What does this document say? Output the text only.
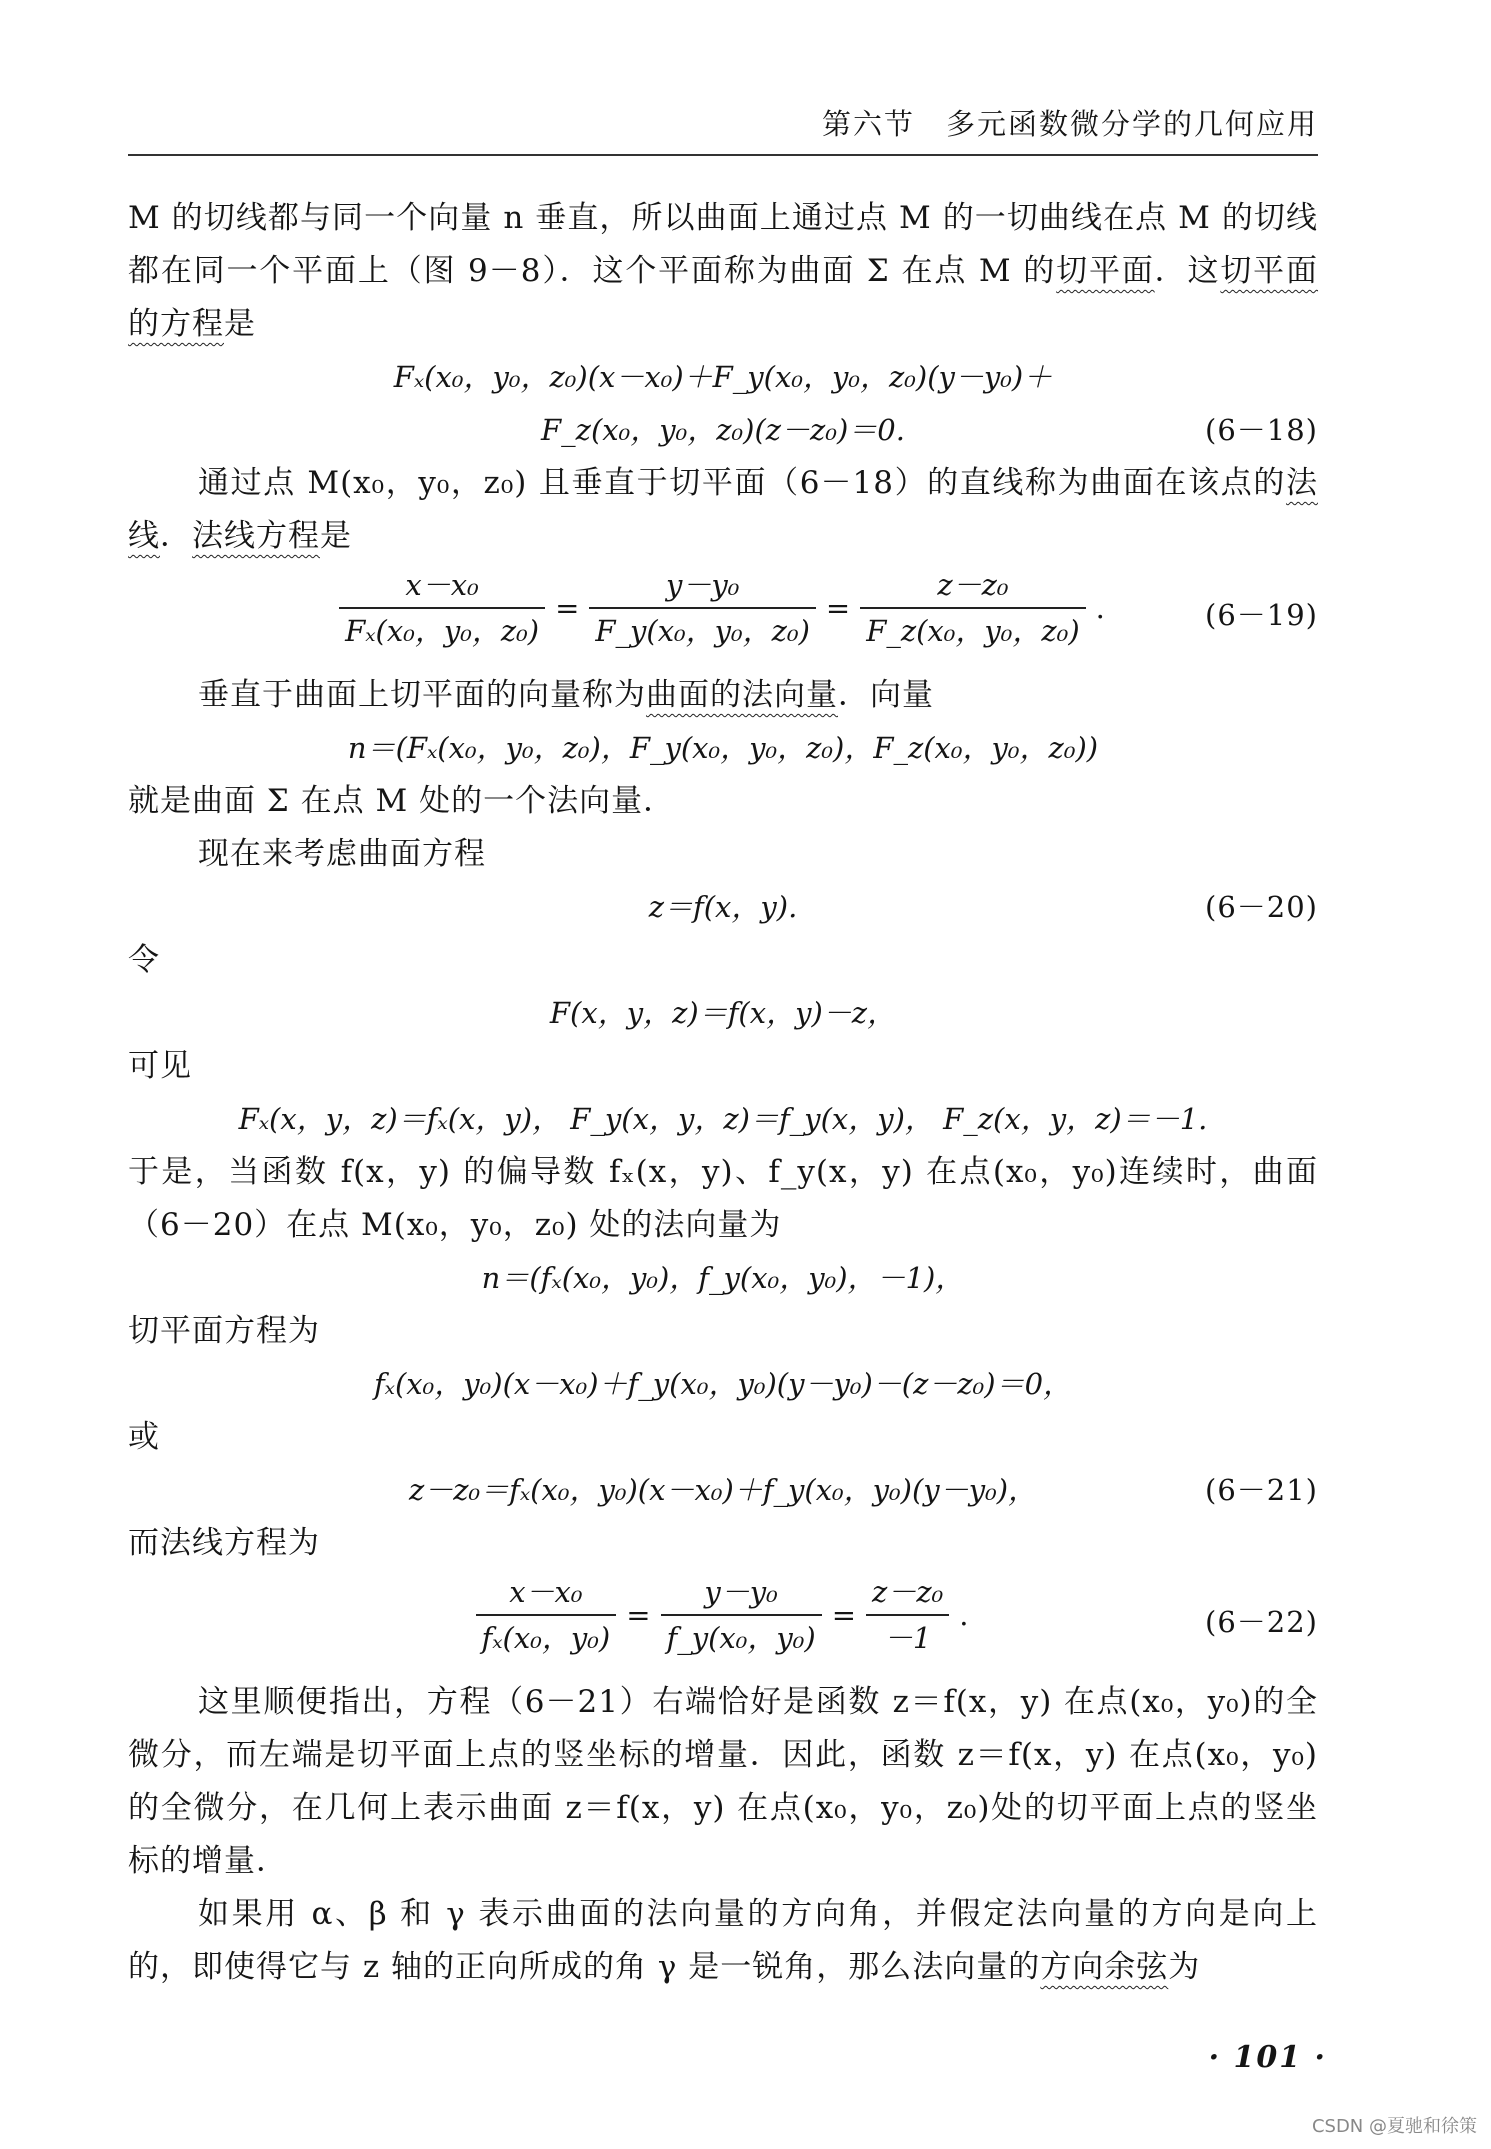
第六节　多元函数微分学的几何应用

M 的切线都与同一个向量 n 垂直，所以曲面上通过点 M 的一切曲线在点 M 的切线都在同一个平面上（图 9－8）．这个平面称为曲面 Σ 在点 M 的切平面．这切平面的方程是

Fₓ(x₀，y₀，z₀)(x－x₀)＋F_y(x₀，y₀，z₀)(y－y₀)＋
F_z(x₀，y₀，z₀)(z－z₀)＝0.	(6－18)

通过点 M(x₀，y₀，z₀) 且垂直于切平面（6－18）的直线称为曲面在该点的法线．法线方程是

$\frac{\text{x－x₀}}{\text{Fₓ(x₀，y₀，z₀)}} = \frac{\text{y－y₀}}{\text{F\_y(x₀，y₀，z₀)}} = \frac{\text{z－z₀}}{\text{F\_z(x₀，y₀，z₀)}}$ .	(6－19)

垂直于曲面上切平面的向量称为曲面的法向量．向量

n＝(Fₓ(x₀，y₀，z₀)，F_y(x₀，y₀，z₀)，F_z(x₀，y₀，z₀))

就是曲面 Σ 在点 M 处的一个法向量．

现在来考虑曲面方程

z＝f(x，y).	(6－20)

令

F(x，y，z)＝f(x，y)－z，

可见

Fₓ(x，y，z)＝fₓ(x，y)， F_y(x，y，z)＝f_y(x，y)， F_z(x，y，z)＝－1.

于是，当函数 f(x，y) 的偏导数 fₓ(x，y)、f_y(x，y) 在点(x₀，y₀)连续时，曲面（6－20）在点 M(x₀，y₀，z₀) 处的法向量为

n＝(fₓ(x₀，y₀)，f_y(x₀，y₀)，－1)，

切平面方程为

fₓ(x₀，y₀)(x－x₀)＋f_y(x₀，y₀)(y－y₀)－(z－z₀)＝0，

或

z－z₀＝fₓ(x₀，y₀)(x－x₀)＋f_y(x₀，y₀)(y－y₀)，	(6－21)

而法线方程为

$\frac{\text{x－x₀}}{\text{fₓ(x₀，y₀)}} = \frac{\text{y－y₀}}{\text{f\_y(x₀，y₀)}} = \frac{\text{z－z₀}}{-1}$ .	(6－22)

这里顺便指出，方程（6－21）右端恰好是函数 z＝f(x，y) 在点(x₀，y₀)的全微分，而左端是切平面上点的竖坐标的增量．因此，函数 z＝f(x，y) 在点(x₀，y₀)的全微分，在几何上表示曲面 z＝f(x，y) 在点(x₀，y₀，z₀)处的切平面上点的竖坐标的增量．

如果用 α、β 和 γ 表示曲面的法向量的方向角，并假定法向量的方向是向上的，即使得它与 z 轴的正向所成的角 γ 是一锐角，那么法向量的方向余弦为

· 101 ·
CSDN @夏驰和徐策
